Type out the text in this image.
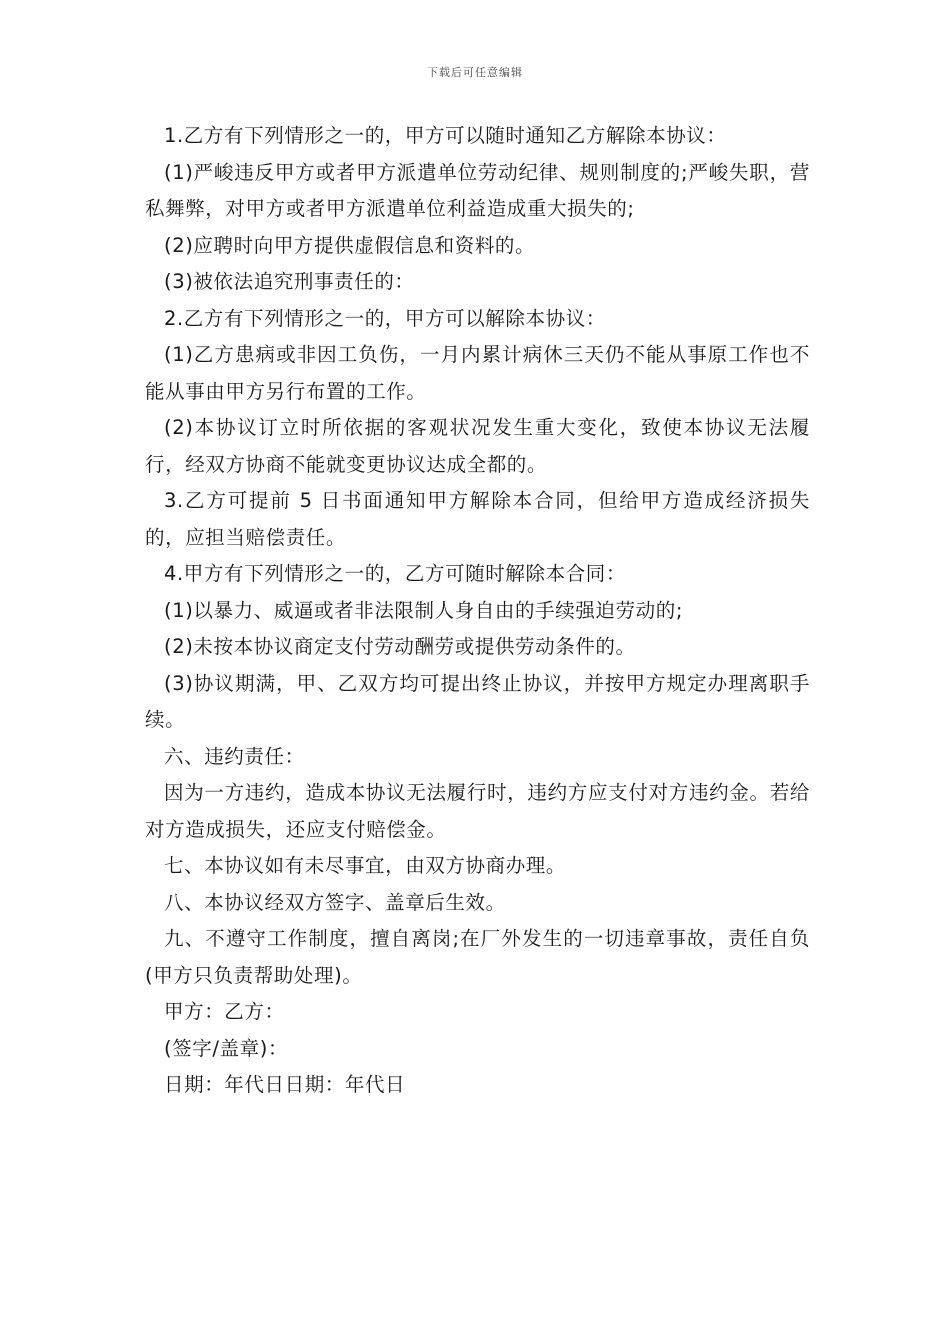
下载后可任意编辑

1.乙方有下列情形之一的，甲方可以随时通知乙方解除本协议：

(1)严峻违反甲方或者甲方派遣单位劳动纪律、规则制度的;严峻失职，营私舞弊，对甲方或者甲方派遣单位利益造成重大损失的;

(2)应聘时向甲方提供虚假信息和资料的。

(3)被依法追究刑事责任的：

2.乙方有下列情形之一的，甲方可以解除本协议：

(1)乙方患病或非因工负伤，一月内累计病休三天仍不能从事原工作也不能从事由甲方另行布置的工作。

(2)本协议订立时所依据的客观状况发生重大变化，致使本协议无法履行，经双方协商不能就变更协议达成全都的。

3.乙方可提前 5 日书面通知甲方解除本合同，但给甲方造成经济损失的，应担当赔偿责任。

4.甲方有下列情形之一的，乙方可随时解除本合同：

(1)以暴力、威逼或者非法限制人身自由的手续强迫劳动的;

(2)未按本协议商定支付劳动酬劳或提供劳动条件的。

(3)协议期满，甲、乙双方均可提出终止协议，并按甲方规定办理离职手续。

六、违约责任：

因为一方违约，造成本协议无法履行时，违约方应支付对方违约金。若给对方造成损失，还应支付赔偿金。

七、本协议如有未尽事宜，由双方协商办理。

八、本协议经双方签字、盖章后生效。

九、不遵守工作制度，擅自离岗;在厂外发生的一切违章事故，责任自负(甲方只负责帮助处理)。

甲方：乙方：

(签字/盖章)：

日期：年代日日期：年代日
